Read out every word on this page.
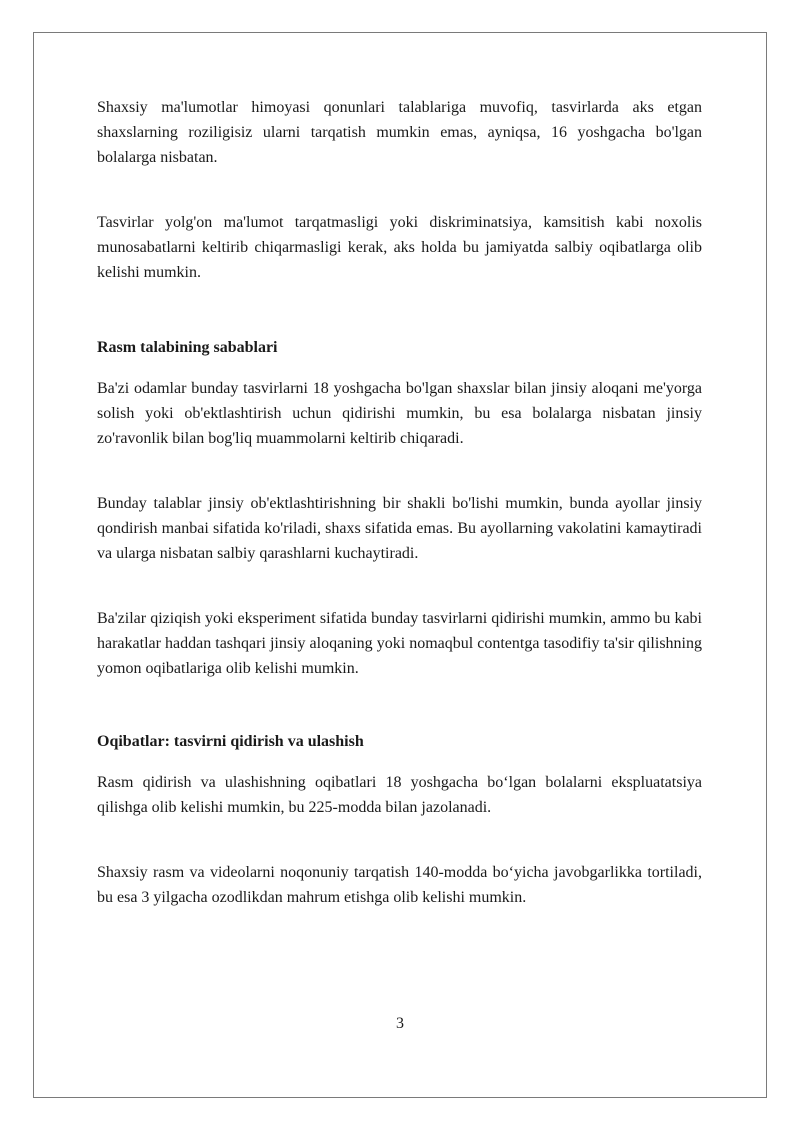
Shaxsiy ma'lumotlar himoyasi qonunlari talablariga muvofiq, tasvirlarda aks etgan shaxslarning roziligisiz ularni tarqatish mumkin emas, ayniqsa, 16 yoshgacha bo'lgan bolalarga nisbatan.

Tasvirlar yolg'on ma'lumot tarqatmasligi yoki diskriminatsiya, kamsitish kabi noxolis munosabatlarni keltirib chiqarmasligi kerak, aks holda bu jamiyatda salbiy oqibatlarga olib kelishi mumkin.

Rasm talabining sabablari

Ba'zi odamlar bunday tasvirlarni 18 yoshgacha bo'lgan shaxslar bilan jinsiy aloqani me'yorga solish yoki ob'ektlashtirish uchun qidirishi mumkin, bu esa bolalarga nisbatan jinsiy zo'ravonlik bilan bog'liq muammolarni keltirib chiqaradi.

Bunday talablar jinsiy ob'ektlashtirishning bir shakli bo'lishi mumkin, bunda ayollar jinsiy qondirish manbai sifatida ko'riladi, shaxs sifatida emas. Bu ayollarning vakolatini kamaytiradi va ularga nisbatan salbiy qarashlarni kuchaytiradi.

Ba'zilar qiziqish yoki eksperiment sifatida bunday tasvirlarni qidirishi mumkin, ammo bu kabi harakatlar haddan tashqari jinsiy aloqaning yoki nomaqbul contentga tasodifiy ta'sir qilishning yomon oqibatlariga olib kelishi mumkin.

Oqibatlar: tasvirni qidirish va ulashish

Rasm qidirish va ulashishning oqibatlari 18 yoshgacha bo‘lgan bolalarni ekspluatatsiya qilishga olib kelishi mumkin, bu 225-modda bilan jazolanadi.

Shaxsiy rasm va videolarni noqonuniy tarqatish 140-modda bo‘yicha javobgarlikka tortiladi, bu esa 3 yilgacha ozodlikdan mahrum etishga olib kelishi mumkin.

3
